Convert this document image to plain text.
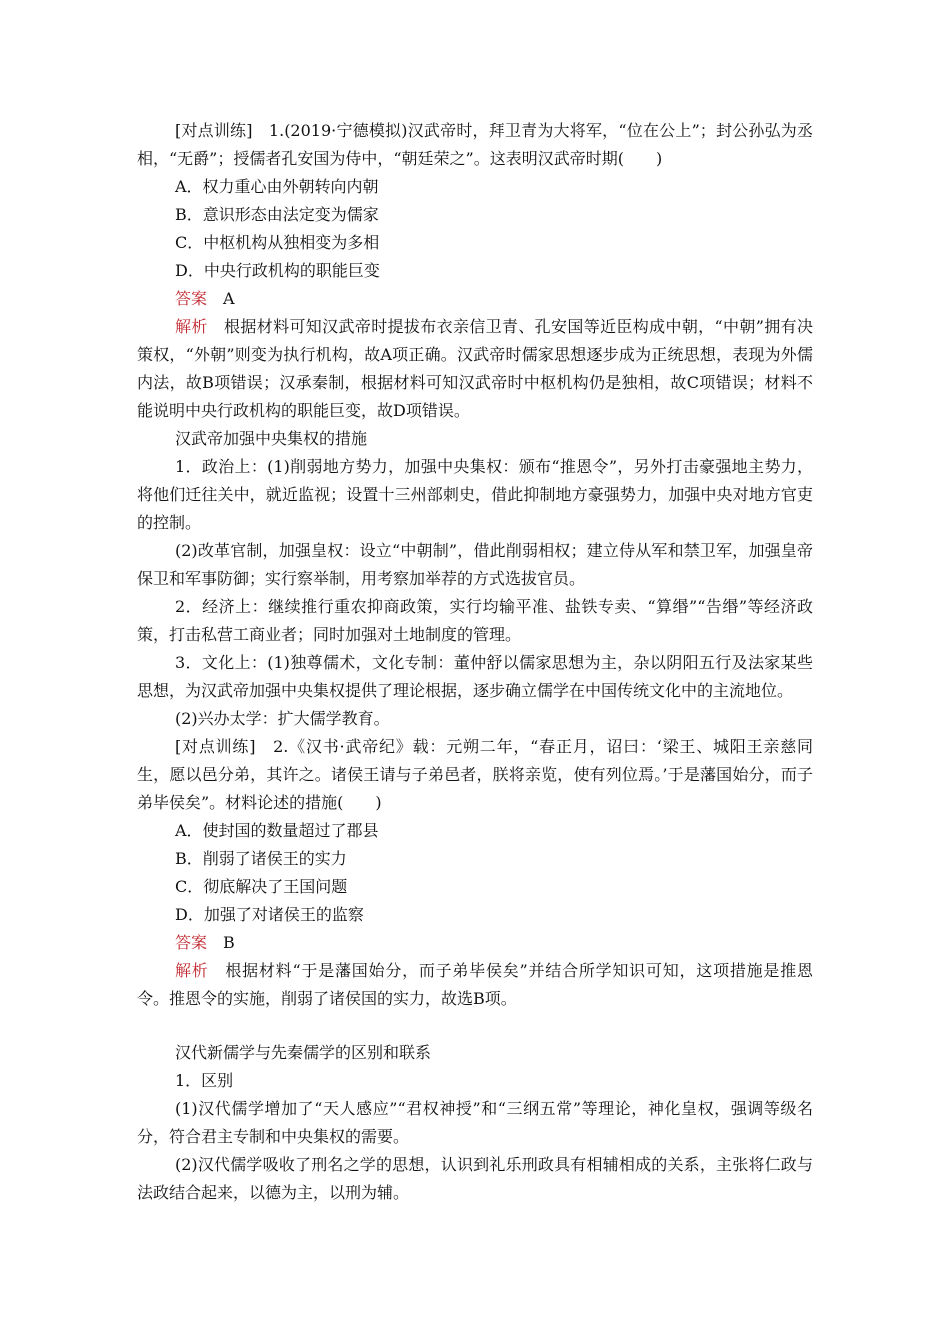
[对点训练]　1.(2019·宁德模拟)汉武帝时，拜卫青为大将军，“位在公上”；封公孙弘为丞相，“无爵”；授儒者孔安国为侍中，“朝廷荣之”。这表明汉武帝时期(　　)

A．权力重心由外朝转向内朝

B．意识形态由法定变为儒家

C．中枢机构从独相变为多相

D．中央行政机构的职能巨变

答案　A

解析　根据材料可知汉武帝时提拔布衣亲信卫青、孔安国等近臣构成中朝，“中朝”拥有决策权，“外朝”则变为执行机构，故A项正确。汉武帝时儒家思想逐步成为正统思想，表现为外儒内法，故B项错误；汉承秦制，根据材料可知汉武帝时中枢机构仍是独相，故C项错误；材料不能说明中央行政机构的职能巨变，故D项错误。

汉武帝加强中央集权的措施

1．政治上：(1)削弱地方势力，加强中央集权：颁布“推恩令”，另外打击豪强地主势力，将他们迁往关中，就近监视；设置十三州部刺史，借此抑制地方豪强势力，加强中央对地方官吏的控制。

(2)改革官制，加强皇权：设立“中朝制”，借此削弱相权；建立侍从军和禁卫军，加强皇帝保卫和军事防御；实行察举制，用考察加举荐的方式选拔官员。

2．经济上：继续推行重农抑商政策，实行均输平准、盐铁专卖、“算缗”“告缗”等经济政策，打击私营工商业者；同时加强对土地制度的管理。

3．文化上：(1)独尊儒术，文化专制：董仲舒以儒家思想为主，杂以阴阳五行及法家某些思想，为汉武帝加强中央集权提供了理论根据，逐步确立儒学在中国传统文化中的主流地位。

(2)兴办太学：扩大儒学教育。

[对点训练]　2.《汉书·武帝纪》载：元朔二年，“春正月，诏曰：‘梁王、城阳王亲慈同生，愿以邑分弟，其许之。诸侯王请与子弟邑者，朕将亲览，使有列位焉。’于是藩国始分，而子弟毕侯矣”。材料论述的措施(　　)

A．使封国的数量超过了郡县

B．削弱了诸侯王的实力

C．彻底解决了王国问题

D．加强了对诸侯王的监察

答案　B

解析　根据材料“于是藩国始分，而子弟毕侯矣”并结合所学知识可知，这项措施是推恩令。推恩令的实施，削弱了诸侯国的实力，故选B项。

汉代新儒学与先秦儒学的区别和联系

1．区别

(1)汉代儒学增加了“天人感应”“君权神授”和“三纲五常”等理论，神化皇权，强调等级名分，符合君主专制和中央集权的需要。

(2)汉代儒学吸收了刑名之学的思想，认识到礼乐刑政具有相辅相成的关系，主张将仁政与法政结合起来，以德为主，以刑为辅。
